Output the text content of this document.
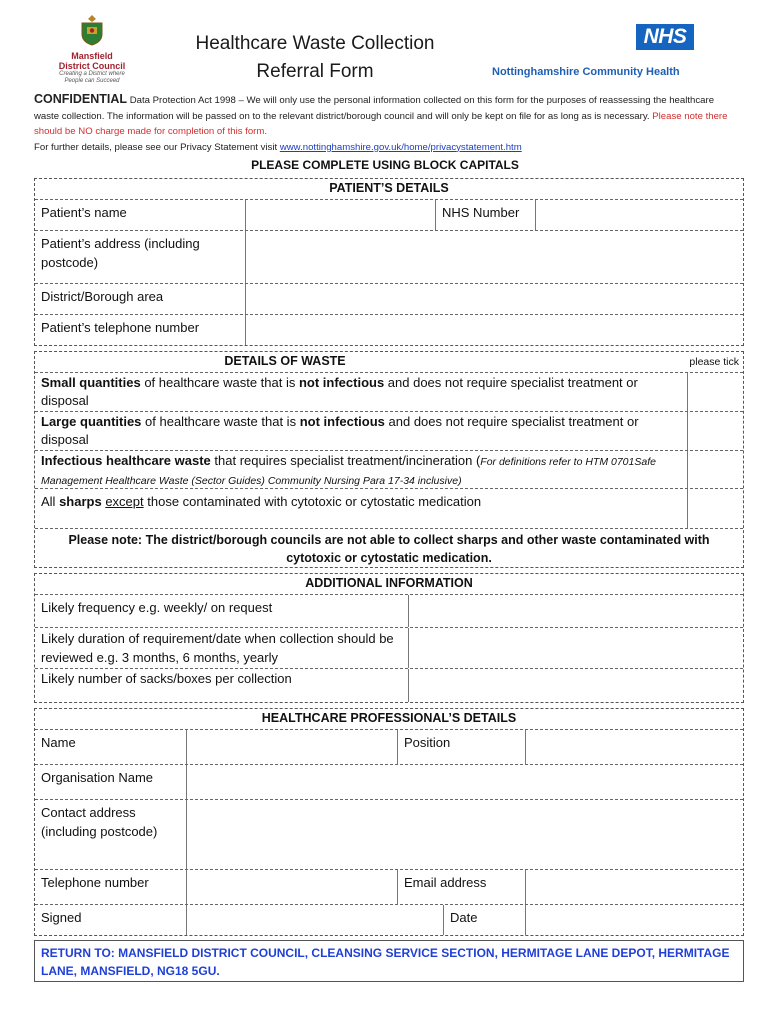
Mansfield
District Council
Creating a District where
People can Succeed
Healthcare Waste Collection
Referral Form
NHS
Nottinghamshire Community Health
CONFIDENTIAL Data Protection Act 1998 – We will only use the personal information collected on this form for the purposes of reassessing the healthcare waste collection. The information will be passed on to the relevant district/borough council and will only be kept on file for as long as is necessary. Please note there should be NO charge made for completion of this form.
For further details, please see our Privacy Statement visit www.nottinghamshire.gov.uk/home/privacystatement.htm
PLEASE COMPLETE USING BLOCK CAPITALS
PATIENT’S DETAILS
Patient’s name	NHS Number
Patient’s address (including postcode)
District/Borough area
Patient’s telephone number
DETAILS OF WASTE	please tick
Small quantities of healthcare waste that is not infectious and does not require specialist treatment or disposal
Large quantities of healthcare waste that is not infectious and does not require specialist treatment or disposal
Infectious healthcare waste that requires specialist treatment/incineration (For definitions refer to HTM 0701Safe Management Healthcare Waste (Sector Guides) Community Nursing Para 17-34 inclusive)
All sharps except those contaminated with cytotoxic or cytostatic medication
Please note: The district/borough councils are not able to collect sharps and other waste contaminated with cytotoxic or cytostatic medication.
ADDITIONAL INFORMATION
Likely frequency e.g. weekly/ on request
Likely duration of requirement/date when collection should be reviewed e.g. 3 months, 6 months, yearly
Likely number of sacks/boxes per collection
HEALTHCARE PROFESSIONAL’S DETAILS
Name	Position
Organisation Name
Contact address (including postcode)
Telephone number	Email address
Signed	Date
RETURN TO: MANSFIELD DISTRICT COUNCIL, CLEANSING SERVICE SECTION, HERMITAGE LANE DEPOT, HERMITAGE LANE, MANSFIELD, NG18 5GU.
